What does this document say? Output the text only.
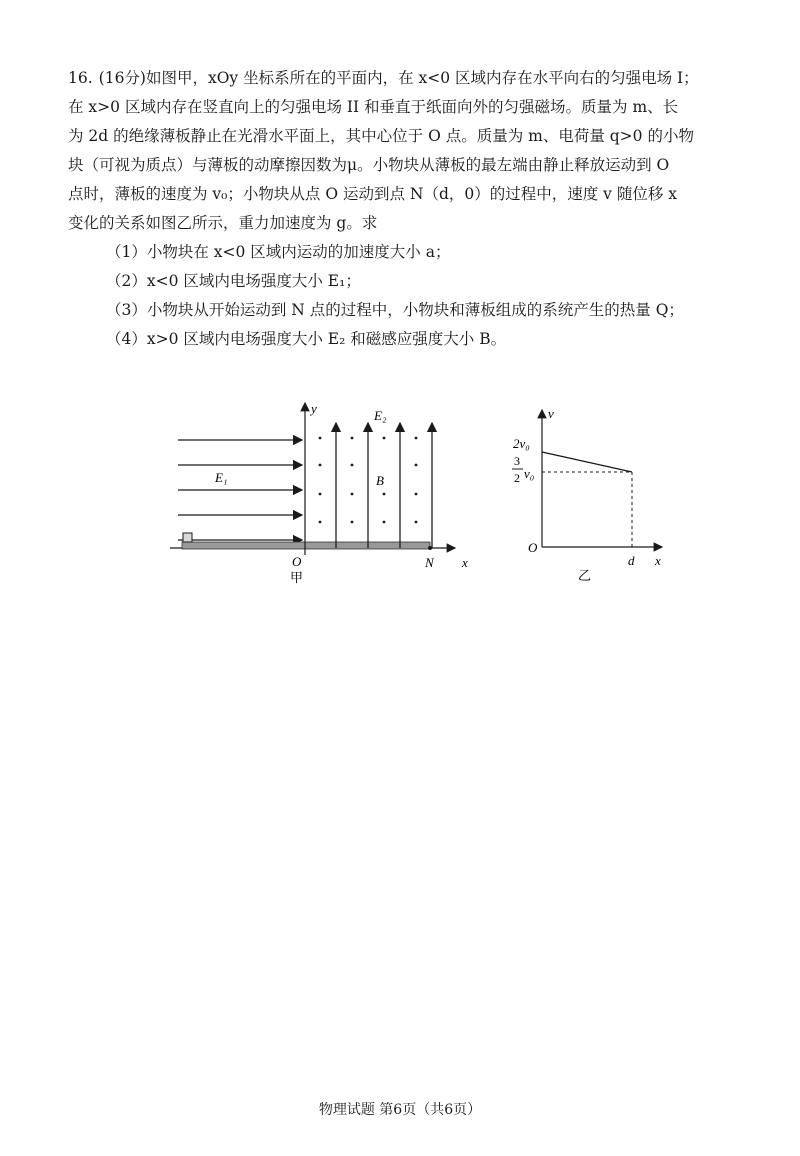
16. (16分)如图甲，xOy 坐标系所在的平面内，在 x<0 区域内存在水平向右的匀强电场 I；

在 x>0 区域内存在竖直向上的匀强电场 II 和垂直于纸面向外的匀强磁场。质量为 m、长

为 2d 的绝缘薄板静止在光滑水平面上，其中心位于 O 点。质量为 m、电荷量 q>0 的小物

块（可视为质点）与薄板的动摩擦因数为μ。小物块从薄板的最左端由静止释放运动到 O

点时，薄板的速度为 v₀；小物块从点 O 运动到点 N（d，0）的过程中，速度 v 随位移 x

变化的关系如图乙所示，重力加速度为 g。求

（1）小物块在 x<0 区域内运动的加速度大小 a；

（2）x<0 区域内电场强度大小 E₁；

（3）小物块从开始运动到 N 点的过程中，小物块和薄板组成的系统产生的热量 Q；

（4）x>0 区域内电场强度大小 E₂ 和磁感应强度大小 B。

E₁
x
y
O	N
甲
E₂
B
v
x
O
d
2v₀
3
2 v₀
乙
物理试题 第6页（共6页）
